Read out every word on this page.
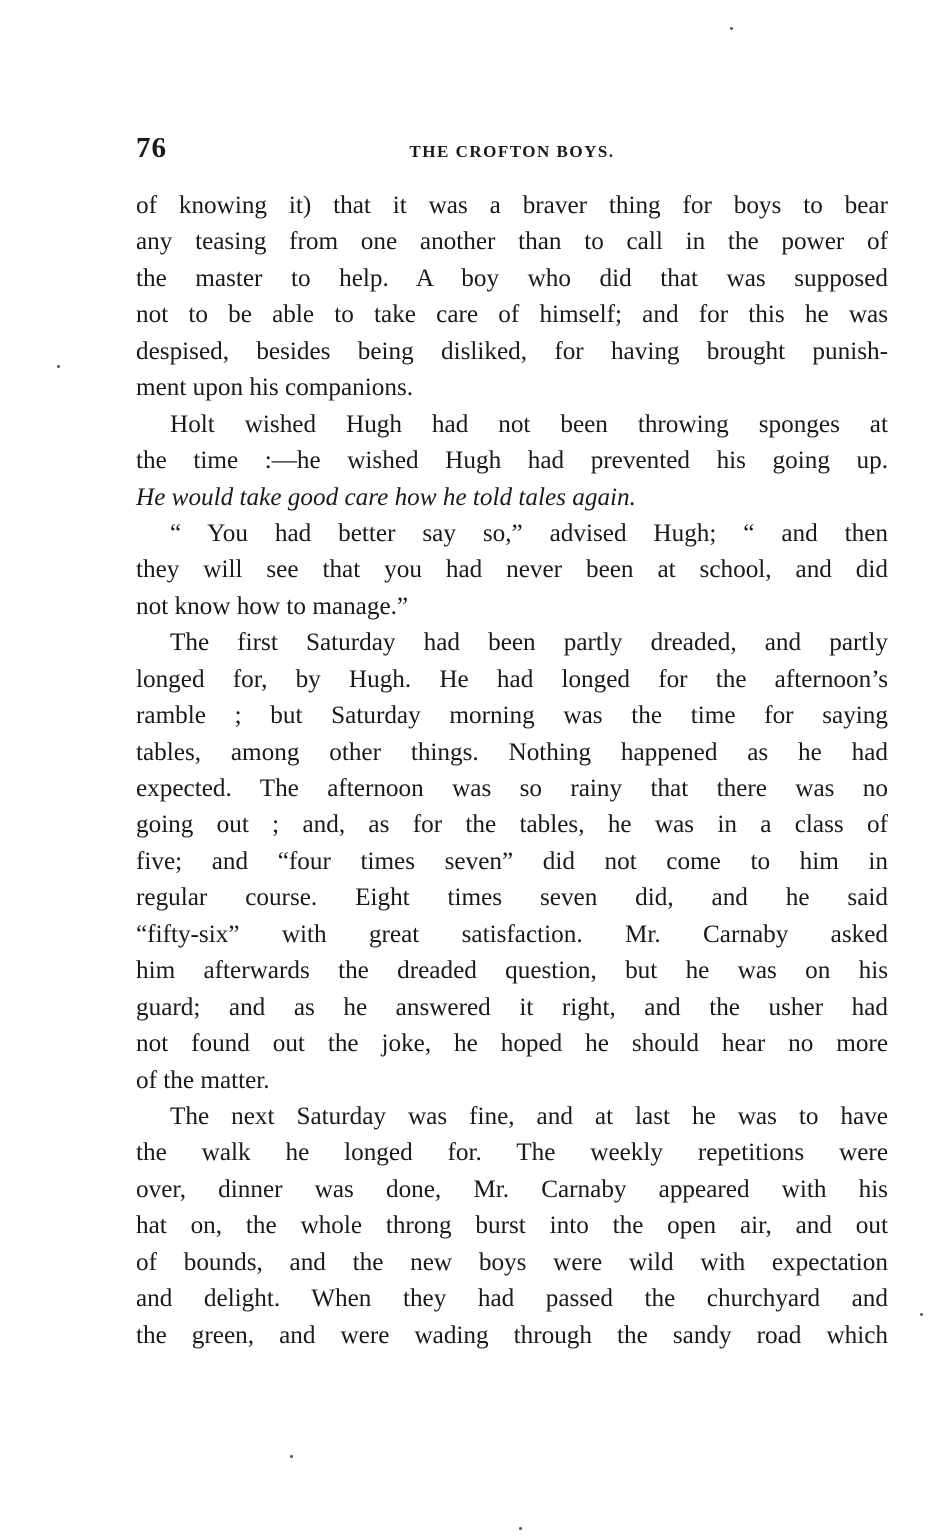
76	THE CROFTON BOYS.
of knowing it) that it was a braver thing for boys to bear
any teasing from one another than to call in the power of
the master to help. A boy who did that was supposed
not to be able to take care of himself; and for this he was
despised, besides being disliked, for having brought punish-
ment upon his companions.
Holt wished Hugh had not been throwing sponges at
the time :—he wished Hugh had prevented his going up.
He would take good care how he told tales again.
“ You had better say so,” advised Hugh; “ and then
they will see that you had never been at school, and did
not know how to manage.”
The first Saturday had been partly dreaded, and partly
longed for, by Hugh. He had longed for the afternoon’s
ramble ; but Saturday morning was the time for saying
tables, among other things. Nothing happened as he had
expected. The afternoon was so rainy that there was no
going out ; and, as for the tables, he was in a class of
five; and “four times seven” did not come to him in
regular course. Eight times seven did, and he said
“fifty-six” with great satisfaction. Mr. Carnaby asked
him afterwards the dreaded question, but he was on his
guard; and as he answered it right, and the usher had
not found out the joke, he hoped he should hear no more
of the matter.
The next Saturday was fine, and at last he was to have
the walk he longed for. The weekly repetitions were
over, dinner was done, Mr. Carnaby appeared with his
hat on, the whole throng burst into the open air, and out
of bounds, and the new boys were wild with expectation
and delight. When they had passed the churchyard and
the green, and were wading through the sandy road which
